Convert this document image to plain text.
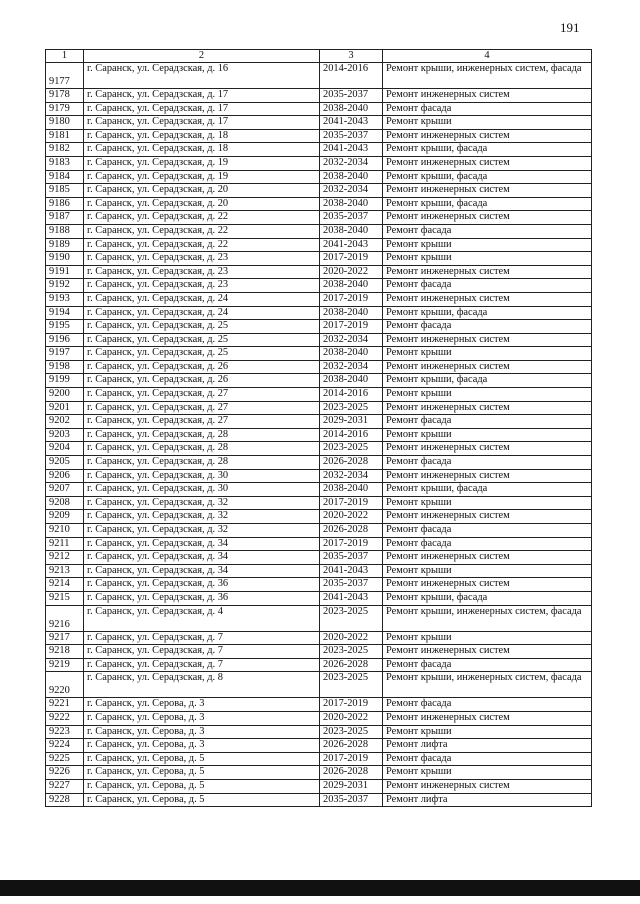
191
1	2	3	4
9177	г. Саранск, ул. Серадзская, д. 16	2014-2016	Ремонт крыши, инженерных систем, фасада
9178	г. Саранск, ул. Серадзская, д. 17	2035-2037	Ремонт инженерных систем
9179	г. Саранск, ул. Серадзская, д. 17	2038-2040	Ремонт фасада
9180	г. Саранск, ул. Серадзская, д. 17	2041-2043	Ремонт крыши
9181	г. Саранск, ул. Серадзская, д. 18	2035-2037	Ремонт инженерных систем
9182	г. Саранск, ул. Серадзская, д. 18	2041-2043	Ремонт крыши, фасада
9183	г. Саранск, ул. Серадзская, д. 19	2032-2034	Ремонт инженерных систем
9184	г. Саранск, ул. Серадзская, д. 19	2038-2040	Ремонт крыши, фасада
9185	г. Саранск, ул. Серадзская, д. 20	2032-2034	Ремонт инженерных систем
9186	г. Саранск, ул. Серадзская, д. 20	2038-2040	Ремонт крыши, фасада
9187	г. Саранск, ул. Серадзская, д. 22	2035-2037	Ремонт инженерных систем
9188	г. Саранск, ул. Серадзская, д. 22	2038-2040	Ремонт фасада
9189	г. Саранск, ул. Серадзская, д. 22	2041-2043	Ремонт крыши
9190	г. Саранск, ул. Серадзская, д. 23	2017-2019	Ремонт крыши
9191	г. Саранск, ул. Серадзская, д. 23	2020-2022	Ремонт инженерных систем
9192	г. Саранск, ул. Серадзская, д. 23	2038-2040	Ремонт фасада
9193	г. Саранск, ул. Серадзская, д. 24	2017-2019	Ремонт инженерных систем
9194	г. Саранск, ул. Серадзская, д. 24	2038-2040	Ремонт крыши, фасада
9195	г. Саранск, ул. Серадзская, д. 25	2017-2019	Ремонт фасада
9196	г. Саранск, ул. Серадзская, д. 25	2032-2034	Ремонт инженерных систем
9197	г. Саранск, ул. Серадзская, д. 25	2038-2040	Ремонт крыши
9198	г. Саранск, ул. Серадзская, д. 26	2032-2034	Ремонт инженерных систем
9199	г. Саранск, ул. Серадзская, д. 26	2038-2040	Ремонт крыши, фасада
9200	г. Саранск, ул. Серадзская, д. 27	2014-2016	Ремонт крыши
9201	г. Саранск, ул. Серадзская, д. 27	2023-2025	Ремонт инженерных систем
9202	г. Саранск, ул. Серадзская, д. 27	2029-2031	Ремонт фасада
9203	г. Саранск, ул. Серадзская, д. 28	2014-2016	Ремонт крыши
9204	г. Саранск, ул. Серадзская, д. 28	2023-2025	Ремонт инженерных систем
9205	г. Саранск, ул. Серадзская, д. 28	2026-2028	Ремонт фасада
9206	г. Саранск, ул. Серадзская, д. 30	2032-2034	Ремонт инженерных систем
9207	г. Саранск, ул. Серадзская, д. 30	2038-2040	Ремонт крыши, фасада
9208	г. Саранск, ул. Серадзская, д. 32	2017-2019	Ремонт крыши
9209	г. Саранск, ул. Серадзская, д. 32	2020-2022	Ремонт инженерных систем
9210	г. Саранск, ул. Серадзская, д. 32	2026-2028	Ремонт фасада
9211	г. Саранск, ул. Серадзская, д. 34	2017-2019	Ремонт фасада
9212	г. Саранск, ул. Серадзская, д. 34	2035-2037	Ремонт инженерных систем
9213	г. Саранск, ул. Серадзская, д. 34	2041-2043	Ремонт крыши
9214	г. Саранск, ул. Серадзская, д. 36	2035-2037	Ремонт инженерных систем
9215	г. Саранск, ул. Серадзская, д. 36	2041-2043	Ремонт крыши, фасада
9216	г. Саранск, ул. Серадзская, д. 4	2023-2025	Ремонт крыши, инженерных систем, фасада
9217	г. Саранск, ул. Серадзская, д. 7	2020-2022	Ремонт крыши
9218	г. Саранск, ул. Серадзская, д. 7	2023-2025	Ремонт инженерных систем
9219	г. Саранск, ул. Серадзская, д. 7	2026-2028	Ремонт фасада
9220	г. Саранск, ул. Серадзская, д. 8	2023-2025	Ремонт крыши, инженерных систем, фасада
9221	г. Саранск, ул. Серова, д. 3	2017-2019	Ремонт фасада
9222	г. Саранск, ул. Серова, д. 3	2020-2022	Ремонт инженерных систем
9223	г. Саранск, ул. Серова, д. 3	2023-2025	Ремонт крыши
9224	г. Саранск, ул. Серова, д. 3	2026-2028	Ремонт лифта
9225	г. Саранск, ул. Серова, д. 5	2017-2019	Ремонт фасада
9226	г. Саранск, ул. Серова, д. 5	2026-2028	Ремонт крыши
9227	г. Саранск, ул. Серова, д. 5	2029-2031	Ремонт инженерных систем
9228	г. Саранск, ул. Серова, д. 5	2035-2037	Ремонт лифта
